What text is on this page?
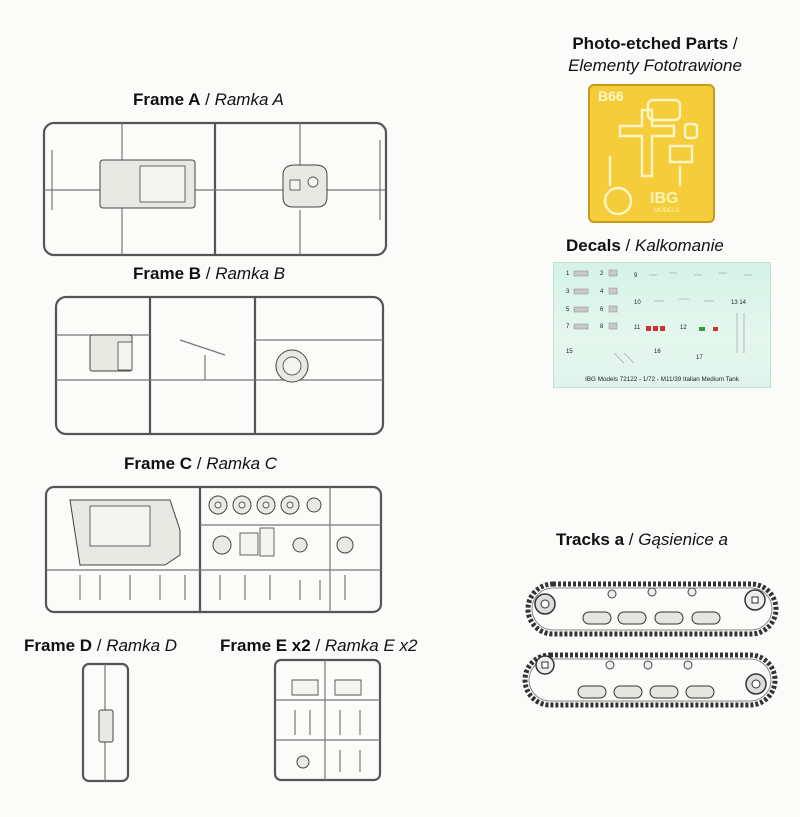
Frame A / Ramka A
Frame B / Ramka B
Frame C / Ramka C
Frame D / Ramka D	Frame E x2 / Ramka E x2
Photo-etched Parts /
Elementy Fototrawione
Decals / Kalkomanie
Tracks a / Gąsienice a
B66
IBG
MODELS
1	2
3	4
5	6
7	8
9
10
11	12
13 14
15	16
17
IBG Models 72122 - 1/72 - M11/39 Italian Medium Tank
